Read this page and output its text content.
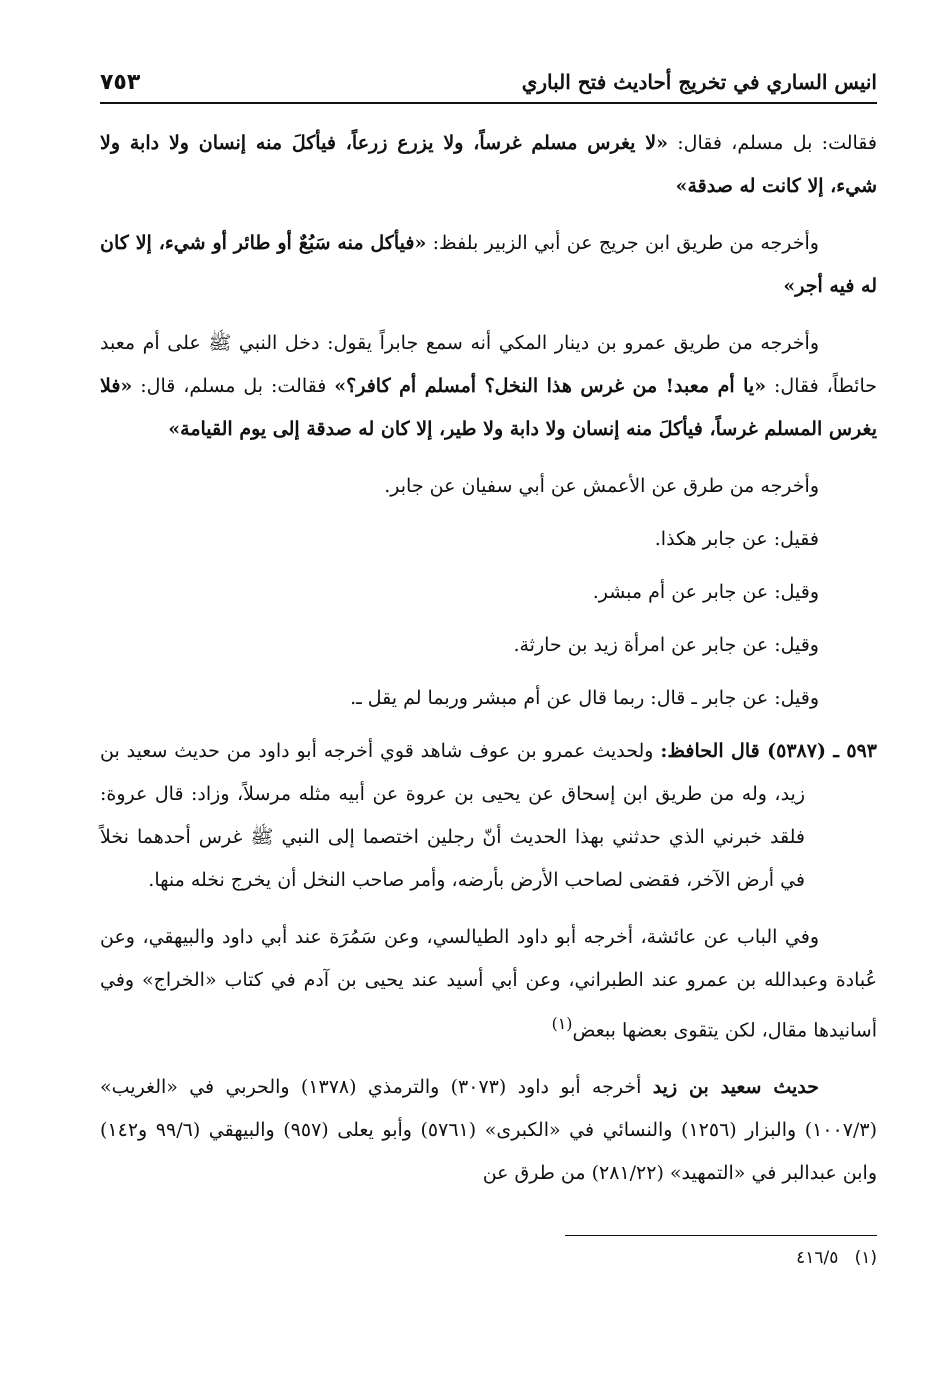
انيس الساري في تخريج أحاديث فتح الباري
٧٥٣

فقالت: بل مسلم، فقال: «لا يغرس مسلم غرساً، ولا يزرع زرعاً، فيأكلَ منه إنسان ولا دابة ولا شيء، إلا كانت له صدقة»

وأخرجه من طريق ابن جريج عن أبي الزبير بلفظ: «فيأكل منه سَبُعٌ أو طائر أو شيء، إلا كان له فيه أجر»

وأخرجه من طريق عمرو بن دينار المكي أنه سمع جابراً يقول: دخل النبي ﷺ على أم معبد حائطاً، فقال: «يا أم معبد! من غرس هذا النخل؟ أمسلم أم كافر؟» فقالت: بل مسلم، قال: «فلا يغرس المسلم غرساً، فيأكلَ منه إنسان ولا دابة ولا طير، إلا كان له صدقة إلى يوم القيامة»

وأخرجه من طرق عن الأعمش عن أبي سفيان عن جابر.
فقيل: عن جابر هكذا.
وقيل: عن جابر عن أم مبشر.
وقيل: عن جابر عن امرأة زيد بن حارثة.
وقيل: عن جابر ـ قال: ربما قال عن أم مبشر وربما لم يقل ـ.

٥٩٣ ـ (٥٣٨٧) قال الحافظ: ولحديث عمرو بن عوف شاهد قوي أخرجه أبو داود من حديث سعيد بن زيد، وله من طريق ابن إسحاق عن يحيى بن عروة عن أبيه مثله مرسلاً، وزاد: قال عروة: فلقد خبرني الذي حدثني بهذا الحديث أنّ رجلين اختصما إلى النبي ﷺ غرس أحدهما نخلاً في أرض الآخر، فقضى لصاحب الأرض بأرضه، وأمر صاحب النخل أن يخرج نخله منها.

وفي الباب عن عائشة، أخرجه أبو داود الطيالسي، وعن سَمُرَة عند أبي داود والبيهقي، وعن عُبادة وعبدالله بن عمرو عند الطبراني، وعن أبي أسيد عند يحيى بن آدم في كتاب «الخراج» وفي أسانيدها مقال، لكن يتقوى بعضها ببعض$^{(١)}$

حديث سعيد بن زيد أخرجه أبو داود (٣٠٧٣) والترمذي (١٣٧٨) والحربي في «الغريب» (١٠٠٧/٣) والبزار (١٢٥٦) والنسائي في «الكبرى» (٥٧٦١) وأبو يعلى (٩٥٧) والبيهقي (٩٩/٦ و١٤٢) وابن عبدالبر في «التمهيد» (٢٨١/٢٢) من طرق عن

(١)   ٤١٦/٥
